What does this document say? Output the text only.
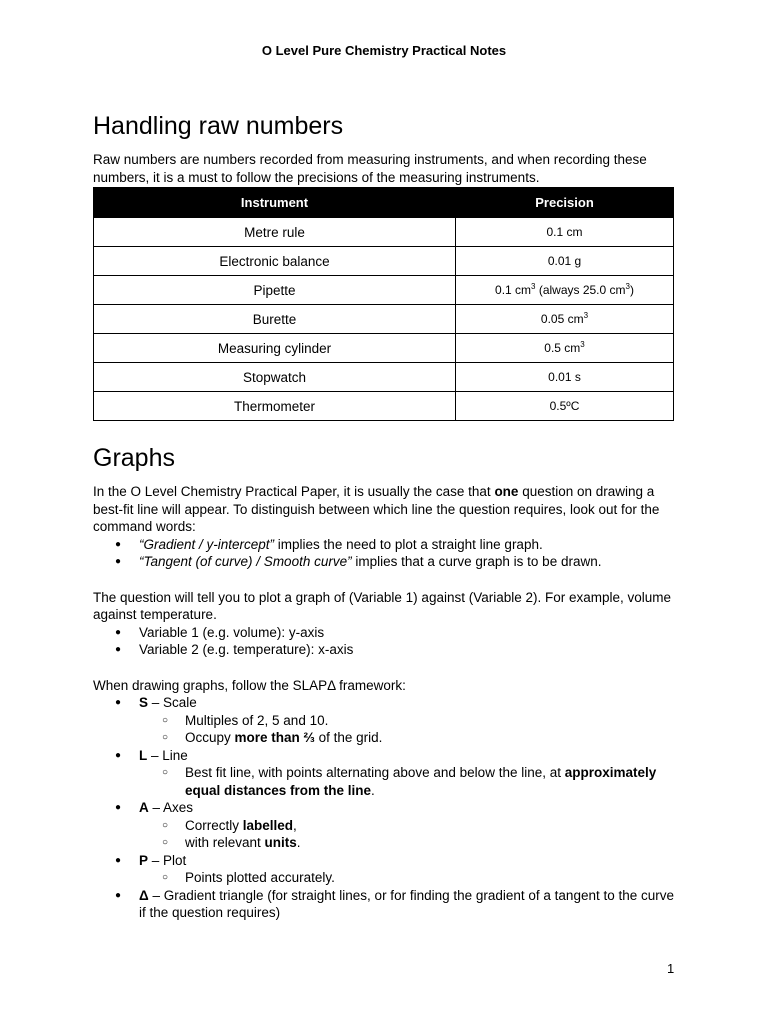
O Level Pure Chemistry Practical Notes
Handling raw numbers

Raw numbers are numbers recorded from measuring instruments, and when recording these numbers, it is a must to follow the precisions of the measuring instruments.

Instrument	Precision
Metre rule	0.1 cm
Electronic balance	0.01 g
Pipette	0.1 $cm^3$ (always 25.0 $cm^3$)
Burette	0.05 $cm^3$
Measuring cylinder	0.5 $cm^3$
Stopwatch	0.01 s
Thermometer	0.5ºC
Graphs

In the O Level Chemistry Practical Paper, it is usually the case that one question on drawing a best-fit line will appear. To distinguish between which line the question requires, look out for the command words:

● “Gradient / y-intercept” implies the need to plot a straight line graph.
● “Tangent (of curve) / Smooth curve” implies that a curve graph is to be drawn.

The question will tell you to plot a graph of (Variable 1) against (Variable 2). For example, volume against temperature.

● Variable 1 (e.g. volume): y-axis
● Variable 2 (e.g. temperature): x-axis

When drawing graphs, follow the SLAPΔ framework:

● S – Scale
○ Multiples of 2, 5 and 10.
○ Occupy more than ⅔ of the grid.
● L – Line
○ Best fit line, with points alternating above and below the line, at approximately equal distances from the line.
● A – Axes
○ Correctly labelled,
○ with relevant units.
● P – Plot
○ Points plotted accurately.
● Δ – Gradient triangle (for straight lines, or for finding the gradient of a tangent to the curve if the question requires)
1
